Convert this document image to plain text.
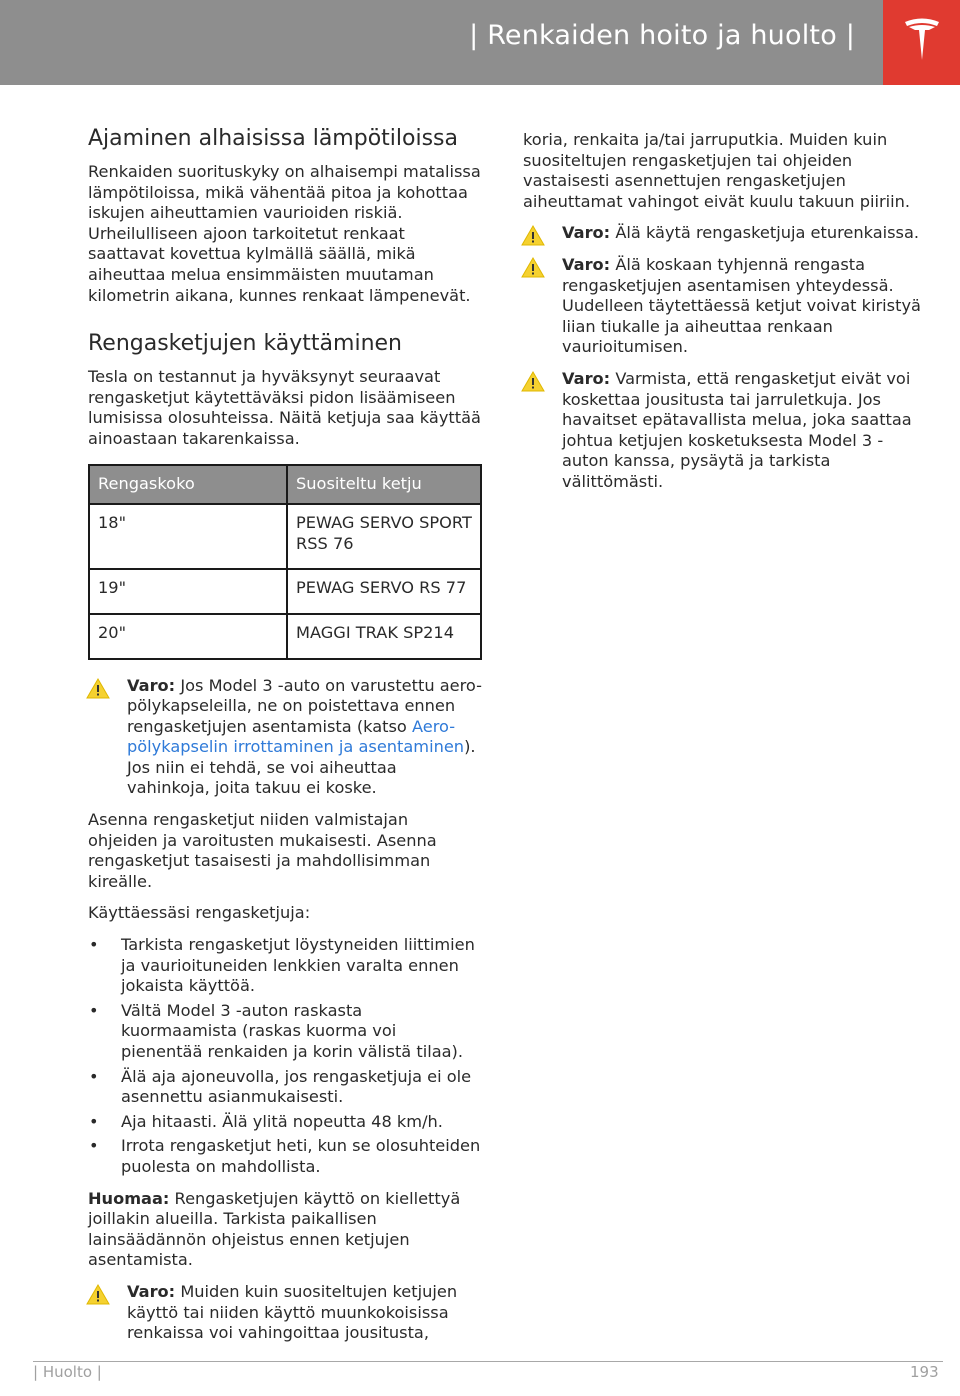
| Renkaiden hoito ja huolto |
Ajaminen alhaisissa lämpötiloissa

Renkaiden suorituskyky on alhaisempi matalissa lämpötiloissa, mikä vähentää pitoa ja kohottaa iskujen aiheuttamien vaurioiden riskiä. Urheilulliseen ajoon tarkoitetut renkaat saattavat kovettua kylmällä säällä, mikä aiheuttaa melua ensimmäisten muutaman kilometrin aikana, kunnes renkaat lämpenevät.

Rengasketjujen käyttäminen

Tesla on testannut ja hyväksynyt seuraavat rengasketjut käytettäväksi pidon lisäämiseen lumisissa olosuhteissa. Näitä ketjuja saa käyttää ainoastaan takarenkaissa.

Rengaskoko	Suositeltu ketju
18"	PEWAG SERVO SPORT RSS 76
19"	PEWAG SERVO RS 77
20"	MAGGI TRAK SP214
Varo: Jos Model 3 -auto on varustettu aero-pölykapseleilla, ne on poistettava ennen rengasketjujen asentamista (katso Aero-pölykapselin irrottaminen ja asentaminen). Jos niin ei tehdä, se voi aiheuttaa vahinkoja, joita takuu ei koske.

Asenna rengasketjut niiden valmistajan ohjeiden ja varoitusten mukaisesti. Asenna rengasketjut tasaisesti ja mahdollisimman kireälle.

Käyttäessäsi rengasketjuja:

• Tarkista rengasketjut löystyneiden liittimien ja vaurioituneiden lenkkien varalta ennen jokaista käyttöä.
• Vältä Model 3 -auton raskasta kuormaamista (raskas kuorma voi pienentää renkaiden ja korin välistä tilaa).
• Älä aja ajoneuvolla, jos rengasketjuja ei ole asennettu asianmukaisesti.
• Aja hitaasti. Älä ylitä nopeutta 48 km/h.
• Irrota rengasketjut heti, kun se olosuhteiden puolesta on mahdollista.

Huomaa: Rengasketjujen käyttö on kiellettyä joillakin alueilla. Tarkista paikallisen lainsäädännön ohjeistus ennen ketjujen asentamista.

Varo: Muiden kuin suositeltujen ketjujen käyttö tai niiden käyttö muunkokoisissa renkaissa voi vahingoittaa jousitusta,

koria, renkaita ja/tai jarruputkia. Muiden kuin suositeltujen rengasketjujen tai ohjeiden vastaisesti asennettujen rengasketjujen aiheuttamat vahingot eivät kuulu takuun piiriin.

Varo: Älä käytä rengasketjuja eturenkaissa.
Varo: Älä koskaan tyhjennä rengasta rengasketjujen asentamisen yhteydessä. Uudelleen täytettäessä ketjut voivat kiristyä liian tiukalle ja aiheuttaa renkaan vaurioitumisen.
Varo: Varmista, että rengasketjut eivät voi koskettaa jousitusta tai jarruletkuja. Jos havaitset epätavallista melua, joka saattaa johtua ketjujen kosketuksesta Model 3 -auton kanssa, pysäytä ja tarkista välittömästi.
| Huolto |	193
